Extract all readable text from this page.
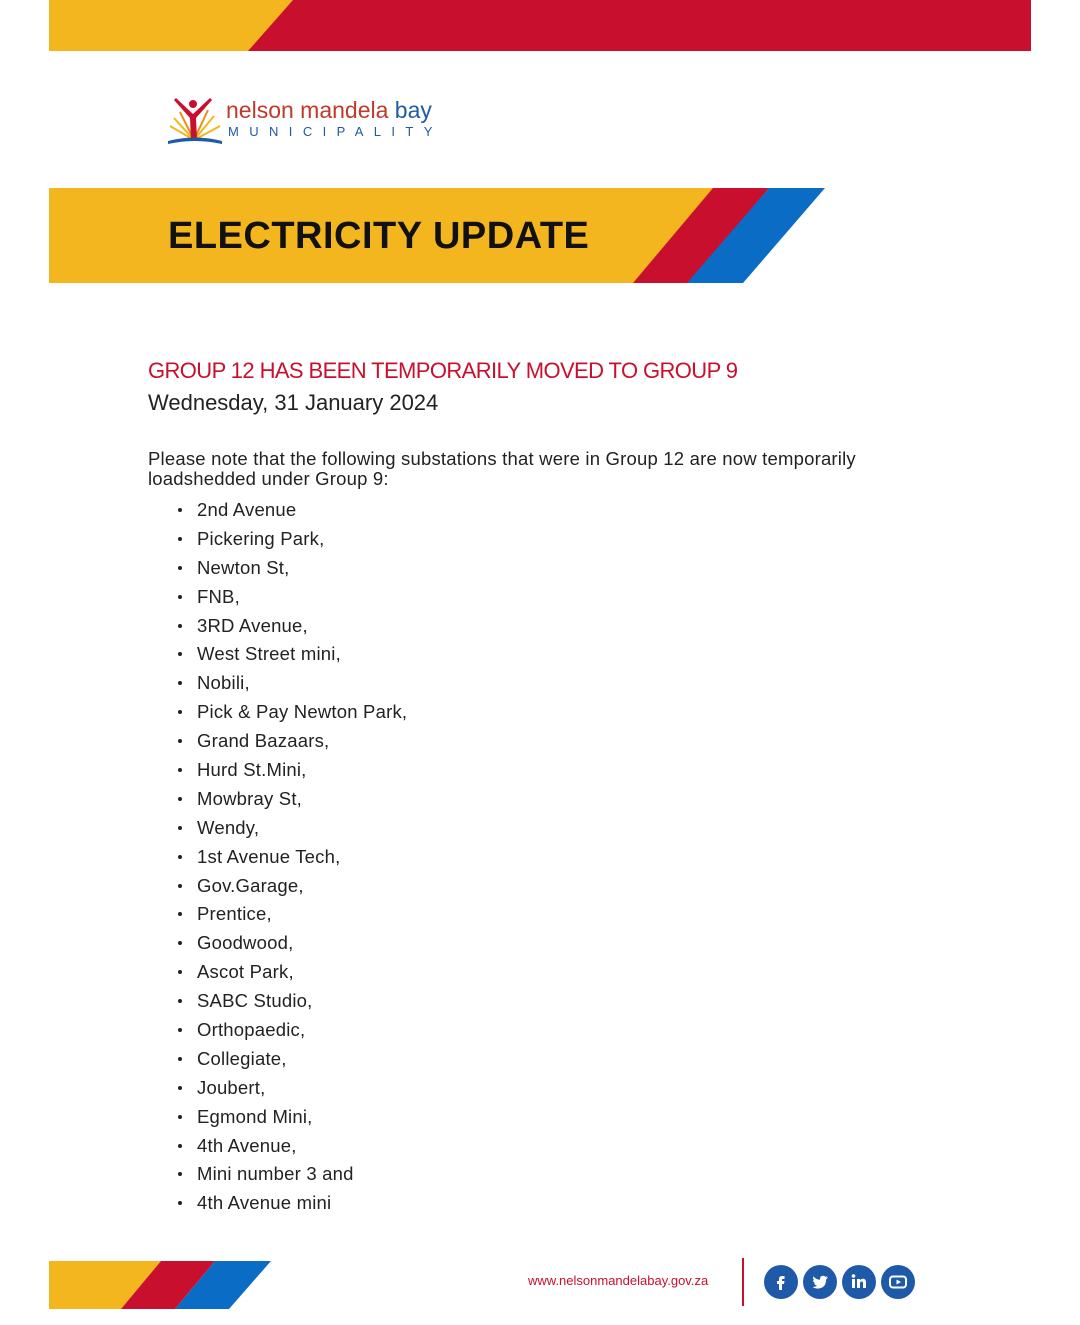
nelson mandela bay
MUNICIPALITY
ELECTRICITY UPDATE
GROUP 12 HAS BEEN TEMPORARILY MOVED TO GROUP 9
Wednesday, 31 January 2024

Please note that the following substations that were in Group 12 are now temporarily loadshedded under Group 9:

2nd Avenue
Pickering Park,
Newton St,
FNB,
3RD Avenue,
West Street mini,
Nobili,
Pick & Pay Newton Park,
Grand Bazaars,
Hurd St.Mini,
Mowbray St,
Wendy,
1st Avenue Tech,
Gov.Garage,
Prentice,
Goodwood,
Ascot Park,
SABC Studio,
Orthopaedic,
Collegiate,
Joubert,
Egmond Mini,
4th Avenue,
Mini number 3 and
4th Avenue mini
www.nelsonmandelabay.gov.za
